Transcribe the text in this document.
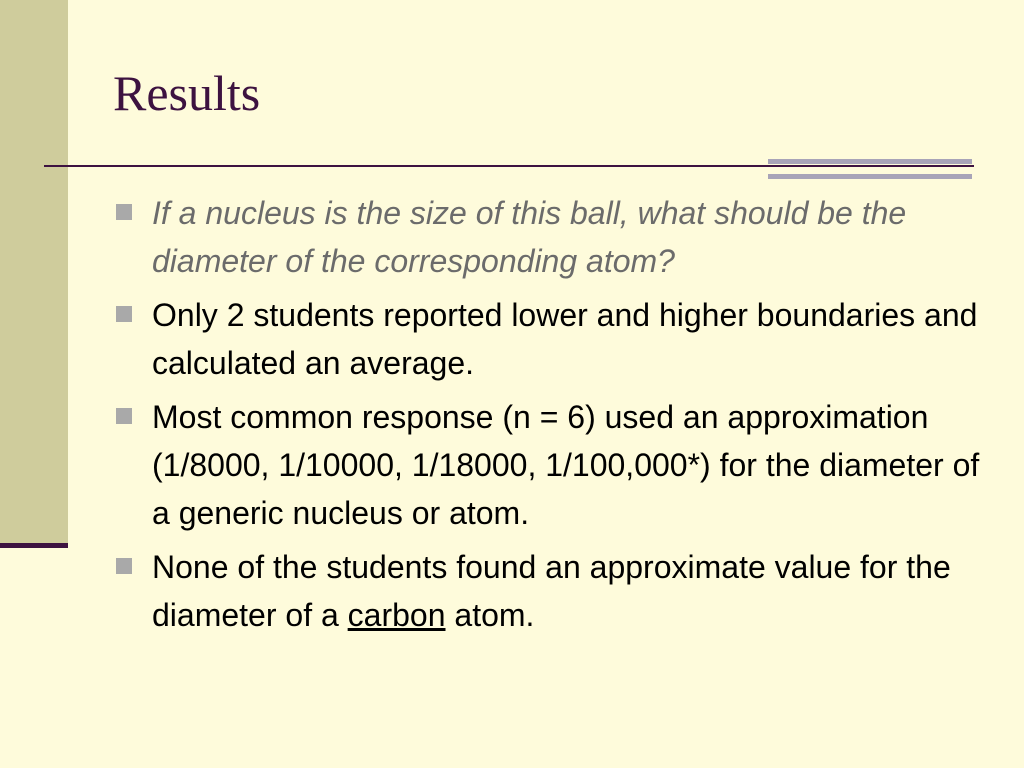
Results
If a nucleus is the size of this ball, what should be the diameter of the corresponding atom?
Only 2 students reported lower and higher boundaries and calculated an average.
Most common response (n = 6) used an approximation (1/8000, 1/10000, 1/18000, 1/100,000*) for the diameter of a generic nucleus or atom.
None of the students found an approximate value for the diameter of a carbon atom.
